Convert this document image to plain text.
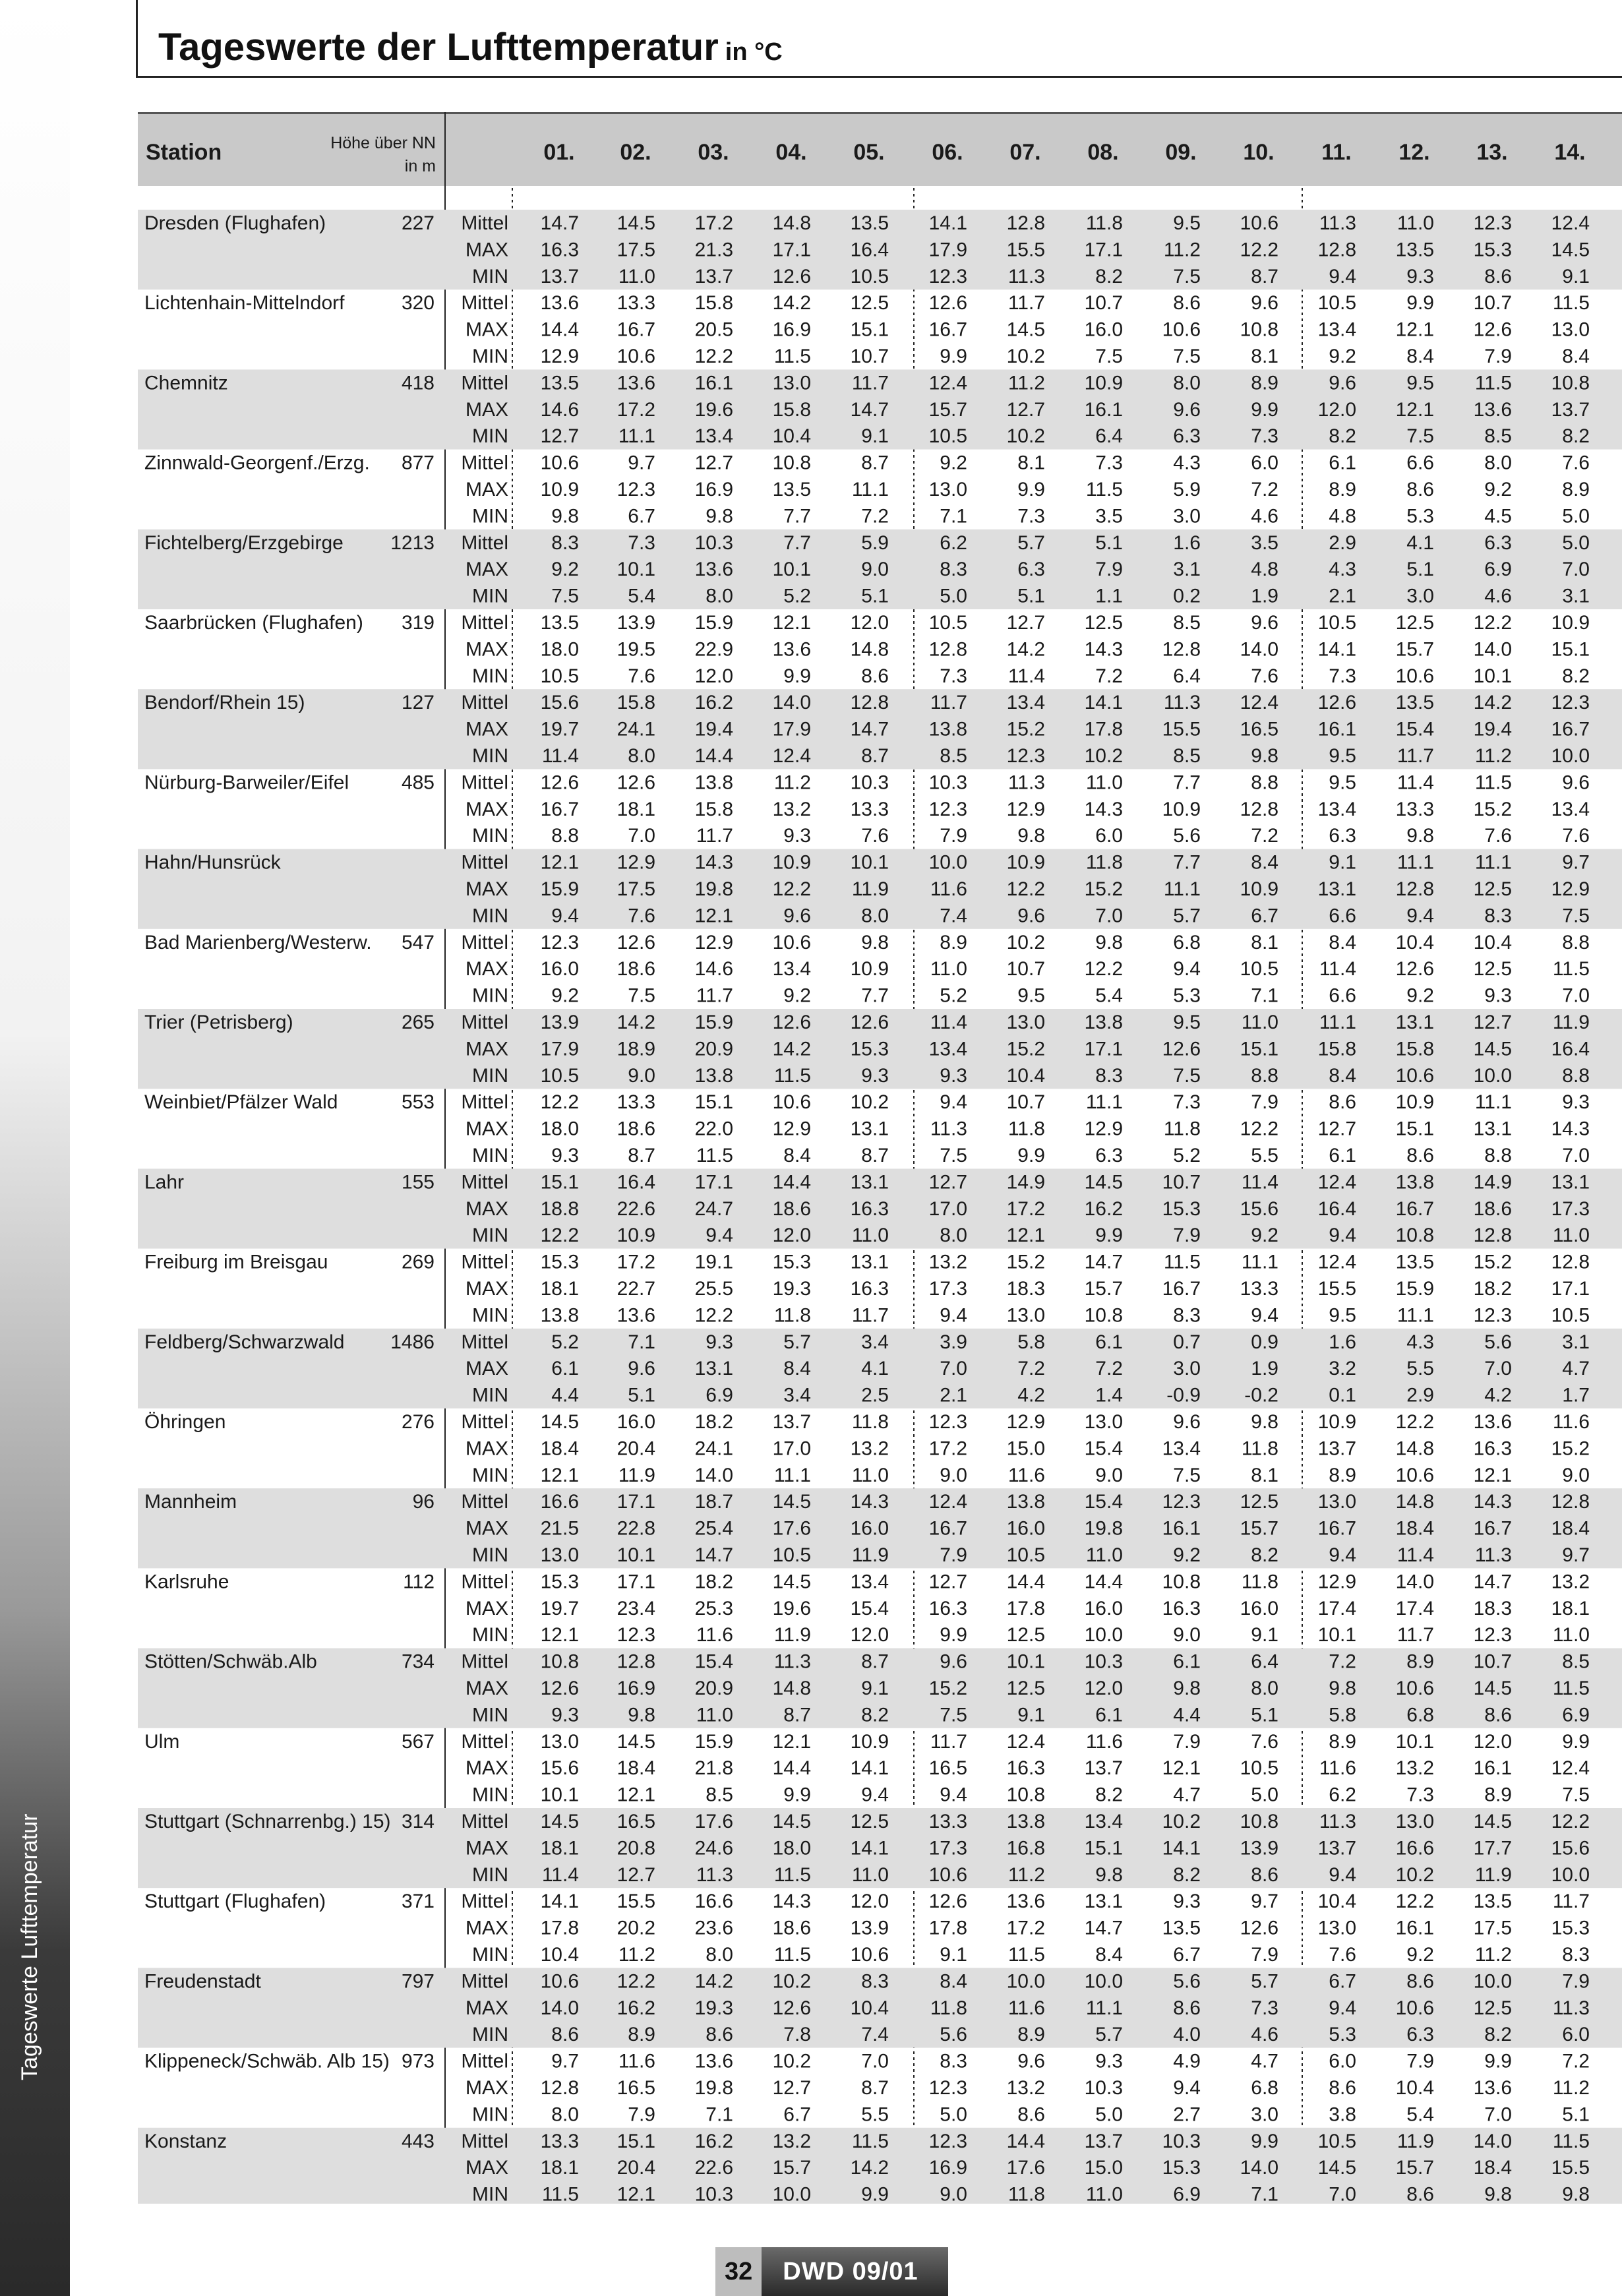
Tageswerte Lufttemperatur
Tageswerte der Lufttemperatur in °C
Station	Höhe über NN
in m
01. 02. 03. 04. 05. 06. 07. 08. 09. 10. 11. 12. 13. 14.
Dresden (Flughafen)	227 Mittel 14.7 14.5 17.2 14.8 13.5 14.1 12.8 11.8	9.5 10.6 11.3 11.0 12.3 12.4
MAX 16.3 17.5 21.3 17.1 16.4 17.9 15.5 17.1 11.2 12.2 12.8 13.5 15.3 14.5
MIN 13.7 11.0 13.7 12.6 10.5 12.3 11.3	8.2	7.5	8.7	9.4	9.3	8.6	9.1
Lichtenhain-Mittelndorf	320 Mittel 13.6 13.3 15.8 14.2 12.5 12.6 11.7 10.7	8.6	9.6 10.5	9.9 10.7 11.5
MAX 14.4 16.7 20.5 16.9 15.1 16.7 14.5 16.0 10.6 10.8 13.4 12.1 12.6 13.0
MIN 12.9 10.6 12.2 11.5 10.7	9.9 10.2	7.5	7.5	8.1	9.2	8.4	7.9	8.4
Chemnitz	418 Mittel 13.5 13.6 16.1 13.0 11.7 12.4 11.2 10.9	8.0	8.9	9.6	9.5 11.5 10.8
MAX 14.6 17.2 19.6 15.8 14.7 15.7 12.7 16.1	9.6	9.9 12.0 12.1 13.6 13.7
MIN 12.7 11.1 13.4 10.4	9.1 10.5 10.2	6.4	6.3	7.3	8.2	7.5	8.5	8.2
Zinnwald-Georgenf./Erzg. 877 Mittel 10.6 9.7 12.7 10.8	8.7	9.2	8.1	7.3	4.3	6.0	6.1	6.6	8.0	7.6
MAX 10.9 12.3 16.9 13.5 11.1 13.0	9.9 11.5	5.9	7.2	8.9	8.6	9.2	8.9
MIN 9.8 6.7	9.8	7.7	7.2	7.1	7.3	3.5	3.0	4.6	4.8	5.3	4.5	5.0
Fichtelberg/Erzgebirge 1213 Mittel 8.3 7.3 10.3	7.7	5.9	6.2	5.7	5.1	1.6	3.5	2.9	4.1	6.3	5.0
MAX 9.2 10.1 13.6 10.1	9.0	8.3	6.3	7.9	3.1	4.8	4.3	5.1	6.9	7.0
MIN 7.5 5.4	8.0	5.2	5.1	5.0	5.1	1.1	0.2	1.9	2.1	3.0	4.6	3.1
Saarbrücken (Flughafen) 319 Mittel 13.5 13.9 15.9 12.1 12.0 10.5 12.7 12.5	8.5	9.6 10.5 12.5 12.2 10.9
MAX 18.0 19.5 22.9 13.6 14.8 12.8 14.2 14.3 12.8 14.0 14.1 15.7 14.0 15.1
MIN 10.5 7.6 12.0	9.9	8.6	7.3 11.4	7.2	6.4	7.6	7.3 10.6 10.1	8.2
Bendorf/Rhein 15)	127 Mittel 15.6 15.8 16.2 14.0 12.8 11.7 13.4 14.1 11.3 12.4 12.6 13.5 14.2 12.3
MAX 19.7 24.1 19.4 17.9 14.7 13.8 15.2 17.8 15.5 16.5 16.1 15.4 19.4 16.7
MIN 11.4 8.0 14.4 12.4	8.7	8.5 12.3 10.2	8.5	9.8	9.5 11.7 11.2 10.0
Nürburg-Barweiler/Eifel	485 Mittel 12.6 12.6 13.8 11.2 10.3 10.3 11.3 11.0	7.7	8.8	9.5 11.4 11.5	9.6
MAX 16.7 18.1 15.8 13.2 13.3 12.3 12.9 14.3 10.9 12.8 13.4 13.3 15.2 13.4
MIN 8.8 7.0 11.7	9.3	7.6	7.9	9.8	6.0	5.6	7.2	6.3	9.8	7.6	7.6
Hahn/Hunsrück	Mittel 12.1 12.9 14.3 10.9 10.1 10.0 10.9 11.8	7.7	8.4	9.1 11.1 11.1	9.7
MAX 15.9 17.5 19.8 12.2 11.9 11.6 12.2 15.2 11.1 10.9 13.1 12.8 12.5 12.9
MIN 9.4 7.6 12.1	9.6	8.0	7.4	9.6	7.0	5.7	6.7	6.6	9.4	8.3	7.5
Bad Marienberg/Westerw. 547 Mittel 12.3 12.6 12.9 10.6	9.8	8.9 10.2	9.8	6.8	8.1	8.4 10.4 10.4	8.8
MAX 16.0 18.6 14.6 13.4 10.9 11.0 10.7 12.2	9.4 10.5 11.4 12.6 12.5 11.5
MIN 9.2 7.5 11.7	9.2	7.7	5.2	9.5	5.4	5.3	7.1	6.6	9.2	9.3	7.0
Trier (Petrisberg)	265 Mittel 13.9 14.2 15.9 12.6 12.6 11.4 13.0 13.8	9.5 11.0 11.1 13.1 12.7 11.9
MAX 17.9 18.9 20.9 14.2 15.3 13.4 15.2 17.1 12.6 15.1 15.8 15.8 14.5 16.4
MIN 10.5 9.0 13.8 11.5	9.3	9.3 10.4	8.3	7.5	8.8	8.4 10.6 10.0	8.8
Weinbiet/Pfälzer Wald	553 Mittel 12.2 13.3 15.1 10.6 10.2	9.4 10.7 11.1	7.3	7.9	8.6 10.9 11.1	9.3
MAX 18.0 18.6 22.0 12.9 13.1 11.3 11.8 12.9 11.8 12.2 12.7 15.1 13.1 14.3
MIN 9.3 8.7 11.5	8.4	8.7	7.5	9.9	6.3	5.2	5.5	6.1	8.6	8.8	7.0
Lahr	155 Mittel 15.1 16.4 17.1 14.4 13.1 12.7 14.9 14.5 10.7 11.4 12.4 13.8 14.9 13.1
MAX 18.8 22.6 24.7 18.6 16.3 17.0 17.2 16.2 15.3 15.6 16.4 16.7 18.6 17.3
MIN 12.2 10.9	9.4 12.0 11.0	8.0 12.1	9.9	7.9	9.2	9.4 10.8 12.8 11.0
Freiburg im Breisgau	269 Mittel 15.3 17.2 19.1 15.3 13.1 13.2 15.2 14.7 11.5 11.1 12.4 13.5 15.2 12.8
MAX 18.1 22.7 25.5 19.3 16.3 17.3 18.3 15.7 16.7 13.3 15.5 15.9 18.2 17.1
MIN 13.8 13.6 12.2 11.8 11.7	9.4 13.0 10.8	8.3	9.4	9.5 11.1 12.3 10.5
Feldberg/Schwarzwald 1486 Mittel 5.2 7.1	9.3	5.7	3.4	3.9	5.8	6.1	0.7	0.9	1.6	4.3	5.6	3.1
MAX 6.1 9.6 13.1	8.4	4.1	7.0	7.2	7.2	3.0	1.9	3.2	5.5	7.0	4.7
MIN 4.4 5.1	6.9	3.4	2.5	2.1	4.2	1.4 -0.9 -0.2	0.1	2.9	4.2	1.7
Öhringen	276 Mittel 14.5 16.0 18.2 13.7 11.8 12.3 12.9 13.0	9.6	9.8 10.9 12.2 13.6 11.6
MAX 18.4 20.4 24.1 17.0 13.2 17.2 15.0 15.4 13.4 11.8 13.7 14.8 16.3 15.2
MIN 12.1 11.9 14.0 11.1 11.0	9.0 11.6	9.0	7.5	8.1	8.9 10.6 12.1	9.0
Mannheim	96 Mittel 16.6 17.1 18.7 14.5 14.3 12.4 13.8 15.4 12.3 12.5 13.0 14.8 14.3 12.8
MAX 21.5 22.8 25.4 17.6 16.0 16.7 16.0 19.8 16.1 15.7 16.7 18.4 16.7 18.4
MIN 13.0 10.1 14.7 10.5 11.9	7.9 10.5 11.0	9.2	8.2	9.4 11.4 11.3	9.7
Karlsruhe	112 Mittel 15.3 17.1 18.2 14.5 13.4 12.7 14.4 14.4 10.8 11.8 12.9 14.0 14.7 13.2
MAX 19.7 23.4 25.3 19.6 15.4 16.3 17.8 16.0 16.3 16.0 17.4 17.4 18.3 18.1
MIN 12.1 12.3 11.6 11.9 12.0	9.9 12.5 10.0	9.0	9.1 10.1 11.7 12.3 11.0
Stötten/Schwäb.Alb	734 Mittel 10.8 12.8 15.4 11.3	8.7	9.6 10.1 10.3	6.1	6.4	7.2	8.9 10.7	8.5
MAX 12.6 16.9 20.9 14.8	9.1 15.2 12.5 12.0	9.8	8.0	9.8 10.6 14.5 11.5
MIN 9.3 9.8 11.0	8.7	8.2	7.5	9.1	6.1	4.4	5.1	5.8	6.8	8.6	6.9
Ulm	567 Mittel 13.0 14.5 15.9 12.1 10.9 11.7 12.4 11.6	7.9	7.6	8.9 10.1 12.0	9.9
MAX 15.6 18.4 21.8 14.4 14.1 16.5 16.3 13.7 12.1 10.5 11.6 13.2 16.1 12.4
MIN 10.1 12.1	8.5	9.9	9.4	9.4 10.8	8.2	4.7	5.0	6.2	7.3	8.9	7.5
Stuttgart (Schnarrenbg.) 15) 314 Mittel 14.5 16.5 17.6 14.5 12.5 13.3 13.8 13.4 10.2 10.8 11.3 13.0 14.5 12.2
MAX 18.1 20.8 24.6 18.0 14.1 17.3 16.8 15.1 14.1 13.9 13.7 16.6 17.7 15.6
MIN 11.4 12.7 11.3 11.5 11.0 10.6 11.2	9.8	8.2	8.6	9.4 10.2 11.9 10.0
Stuttgart (Flughafen)	371 Mittel 14.1 15.5 16.6 14.3 12.0 12.6 13.6 13.1	9.3	9.7 10.4 12.2 13.5 11.7
MAX 17.8 20.2 23.6 18.6 13.9 17.8 17.2 14.7 13.5 12.6 13.0 16.1 17.5 15.3
MIN 10.4 11.2	8.0 11.5 10.6	9.1 11.5	8.4	6.7	7.9	7.6	9.2 11.2	8.3
Freudenstadt	797 Mittel 10.6 12.2 14.2 10.2	8.3	8.4 10.0 10.0	5.6	5.7	6.7	8.6 10.0	7.9
MAX 14.0 16.2 19.3 12.6 10.4 11.8 11.6 11.1	8.6	7.3	9.4 10.6 12.5 11.3
MIN 8.6 8.9	8.6	7.8	7.4	5.6	8.9	5.7	4.0	4.6	5.3	6.3	8.2	6.0
Klippeneck/Schwäb. Alb 15) 973 Mittel 9.7 11.6 13.6 10.2	7.0	8.3	9.6	9.3	4.9	4.7	6.0	7.9	9.9	7.2
MAX 12.8 16.5 19.8 12.7	8.7 12.3 13.2 10.3	9.4	6.8	8.6 10.4 13.6 11.2
MIN 8.0 7.9	7.1	6.7	5.5	5.0	8.6	5.0	2.7	3.0	3.8	5.4	7.0	5.1
Konstanz	443 Mittel 13.3 15.1 16.2 13.2 11.5 12.3 14.4 13.7 10.3	9.9 10.5 11.9 14.0 11.5
MAX 18.1 20.4 22.6 15.7 14.2 16.9 17.6 15.0 15.3 14.0 14.5 15.7 18.4 15.5
MIN 11.5 12.1 10.3 10.0	9.9	9.0 11.8 11.0	6.9	7.1	7.0	8.6	9.8	9.8
32	DWD 09/01
